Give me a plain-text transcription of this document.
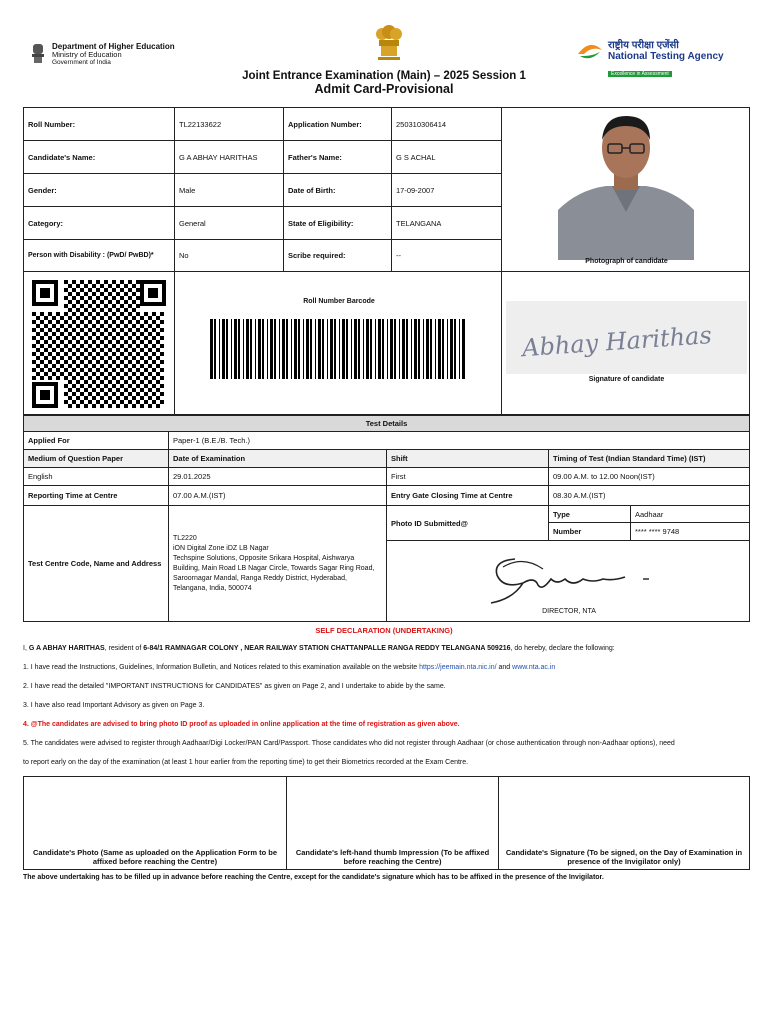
Department of Higher Education
Ministry of Education
Government of India
राष्ट्रीय परीक्षा एजेंसी
National Testing Agency
Excellence in Assessment
Joint Entrance Examination (Main) – 2025 Session 1
Admit Card-Provisional
Roll Number:	TL22133622	Application Number:	250310306414
Candidate's Name:	G A ABHAY HARITHAS	Father's Name:	G S ACHAL
Gender:	Male	Date of Birth:	17-09-2007
Category:	General	State of Eligibility:	TELANGANA
Person with Disability : (PwD/ PwBD)*	No	Scribe required:	--
Photograph of candidate
Roll Number Barcode
Abhay Harithas
Signature of candidate
Test Details
Applied For	Paper-1 (B.E./B. Tech.)
Medium of Question Paper	Date of Examination	Shift	Timing of Test (Indian Standard Time) (IST)
English	29.01.2025	First	09.00 A.M. to 12.00 Noon(IST)
Reporting Time at Centre	07.00 A.M.(IST)	Entry Gate Closing Time at Centre	08.30 A.M.(IST)
Test Centre Code, Name and Address
TL2220
iON Digital Zone iDZ LB Nagar
Techspine Solutions, Opposite Srikara Hospital, Aishwarya Building, Main Road LB Nagar Circle, Towards Sagar Ring Road, Saroornagar Mandal, Ranga Reddy District, Hyderabad, Telangana, India, 500074
Photo ID Submitted@
Type	Aadhaar
Number	**** **** 9748
DIRECTOR, NTA
SELF DECLARATION (UNDERTAKING)
I, G A ABHAY HARITHAS, resident of 6-84/1 RAMNAGAR COLONY , NEAR RAILWAY STATION CHATTANPALLE RANGA REDDY TELANGANA 509216, do hereby, declare the following:
1. I have read the Instructions, Guidelines, Information Bulletin, and Notices related to this examination available on the website https://jeemain.nta.nic.in/ and www.nta.ac.in
2. I have read the detailed "IMPORTANT INSTRUCTIONS for CANDIDATES" as given on Page 2, and I undertake to abide by the same.
3. I have also read Important Advisory as given on Page 3.
4. @The candidates are advised to bring photo ID proof as uploaded in online application at the time of registration as given above.
5. The candidates were advised to register through Aadhaar/Digi Locker/PAN Card/Passport. Those candidates who did not register through Aadhaar (or chose authentication through non-Aadhaar options), need
to report early on the day of the examination (at least 1 hour earlier from the reporting time) to get their Biometrics recorded at the Exam Centre.
Candidate's Photo (Same as uploaded on the Application Form to be affixed before reaching the Centre)
Candidate's left-hand thumb Impression (To be affixed before reaching the Centre)
Candidate's Signature (To be signed, on the Day of Examination in presence of the Invigilator only)
The above undertaking has to be filled up in advance before reaching the Centre, except for the candidate's signature which has to be affixed in the presence of the Invigilator.
